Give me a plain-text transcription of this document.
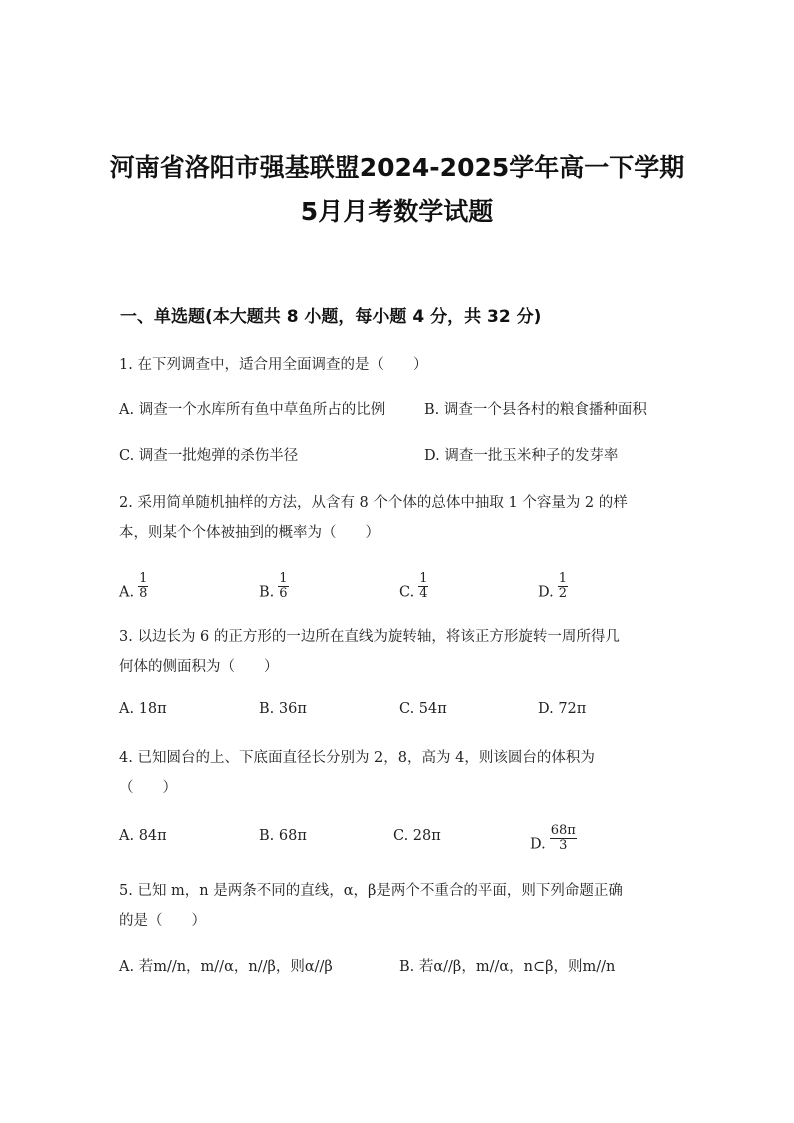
河南省洛阳市强基联盟2024-2025学年高一下学期
5月月考数学试题
一、单选题(本大题共 8 小题，每小题 4 分，共 32 分)
1. 在下列调查中，适合用全面调查的是（　　）
A. 调查一个水库所有鱼中草鱼所占的比例	B. 调查一个县各村的粮食播种面积
C. 调查一批炮弹的杀伤半径	D. 调查一批玉米种子的发芽率
2. 采用简单随机抽样的方法，从含有 8 个个体的总体中抽取 1 个容量为 2 的样
本，则某个个体被抽到的概率为（　　）
A. $\frac{1}{8}$	B. $\frac{1}{6}$	C. $\frac{1}{4}$	D. $\frac{1}{2}$
3. 以边长为 6 的正方形的一边所在直线为旋转轴，将该正方形旋转一周所得几
何体的侧面积为（　　）
A. 18π	B. 36π	C. 54π	D. 72π
4. 已知圆台的上、下底面直径长分别为 2，8，高为 4，则该圆台的体积为
（　　）
A. 84π	B. 68π	C. 28π
D. $\frac{68\pi}{3}$
5. 已知 m，n 是两条不同的直线，α，β是两个不重合的平面，则下列命题正确
的是（　　）
A. 若m//n，m//α，n//β，则α//β	B. 若α//β，m//α，n⊂β，则m//n
